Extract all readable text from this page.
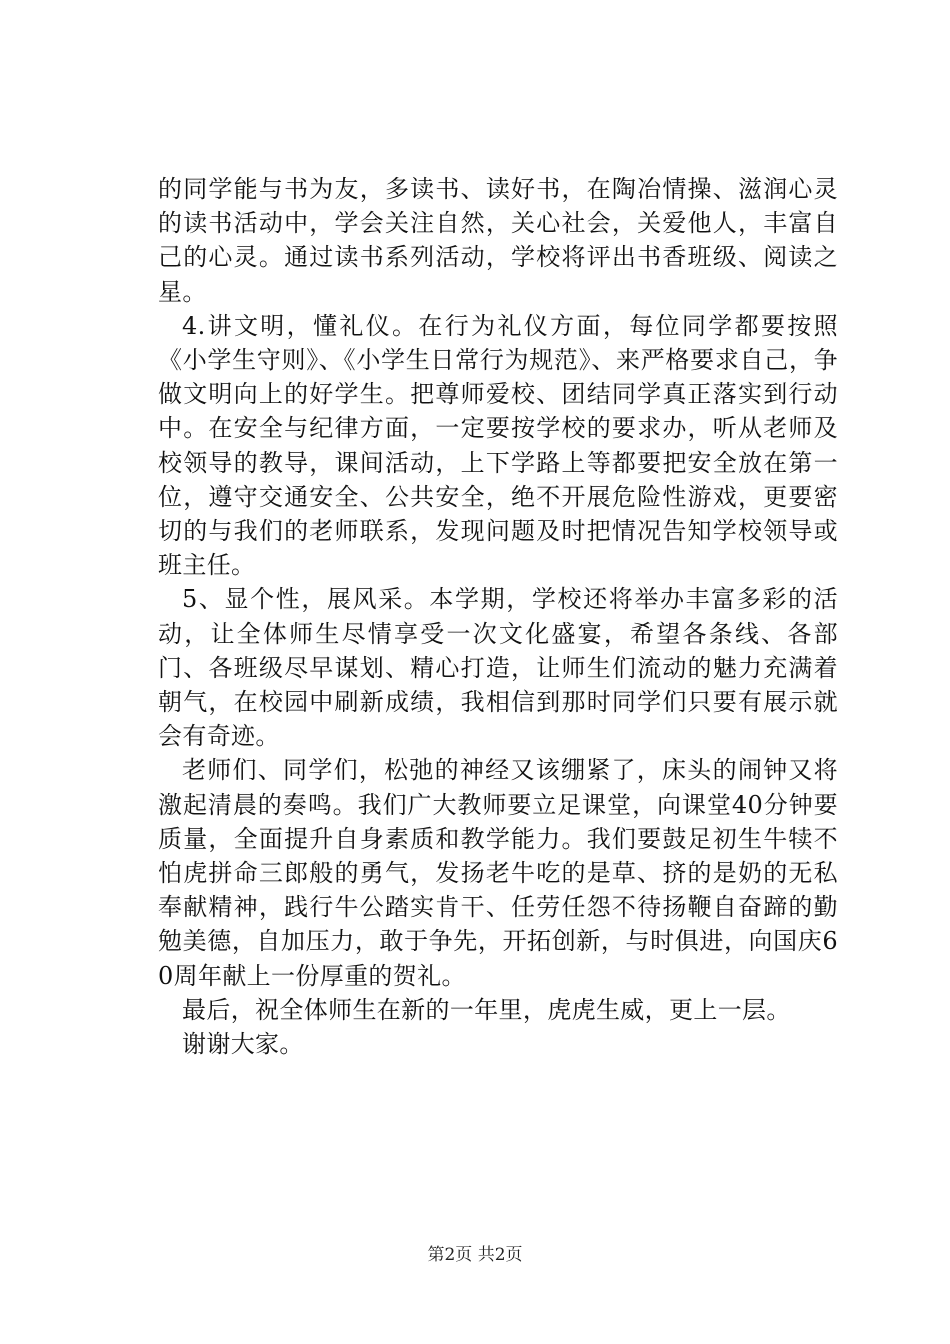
的同学能与书为友，多读书、读好书，在陶冶情操、滋润心灵的读书活动中，学会关注自然，关心社会，关爱他人，丰富自己的心灵。通过读书系列活动，学校将评出书香班级、阅读之星。

4.讲文明，懂礼仪。在行为礼仪方面，每位同学都要按照《小学生守则》、《小学生日常行为规范》、来严格要求自己，争做文明向上的好学生。把尊师爱校、团结同学真正落实到行动中。在安全与纪律方面，一定要按学校的要求办，听从老师及校领导的教导，课间活动，上下学路上等都要把安全放在第一位，遵守交通安全、公共安全，绝不开展危险性游戏，更要密切的与我们的老师联系，发现问题及时把情况告知学校领导或班主任。

5、显个性，展风采。本学期，学校还将举办丰富多彩的活动，让全体师生尽情享受一次文化盛宴，希望各条线、各部门、各班级尽早谋划、精心打造，让师生们流动的魅力充满着朝气，在校园中刷新成绩，我相信到那时同学们只要有展示就会有奇迹。

老师们、同学们，松弛的神经又该绷紧了，床头的闹钟又将激起清晨的奏鸣。我们广大教师要立足课堂，向课堂40分钟要质量，全面提升自身素质和教学能力。我们要鼓足初生牛犊不怕虎拼命三郎般的勇气，发扬老牛吃的是草、挤的是奶的无私奉献精神，践行牛公踏实肯干、任劳任怨不待扬鞭自奋蹄的勤勉美德，自加压力，敢于争先，开拓创新，与时俱进，向国庆60周年献上一份厚重的贺礼。

最后，祝全体师生在新的一年里，虎虎生威，更上一层。

谢谢大家。

第2页 共2页
